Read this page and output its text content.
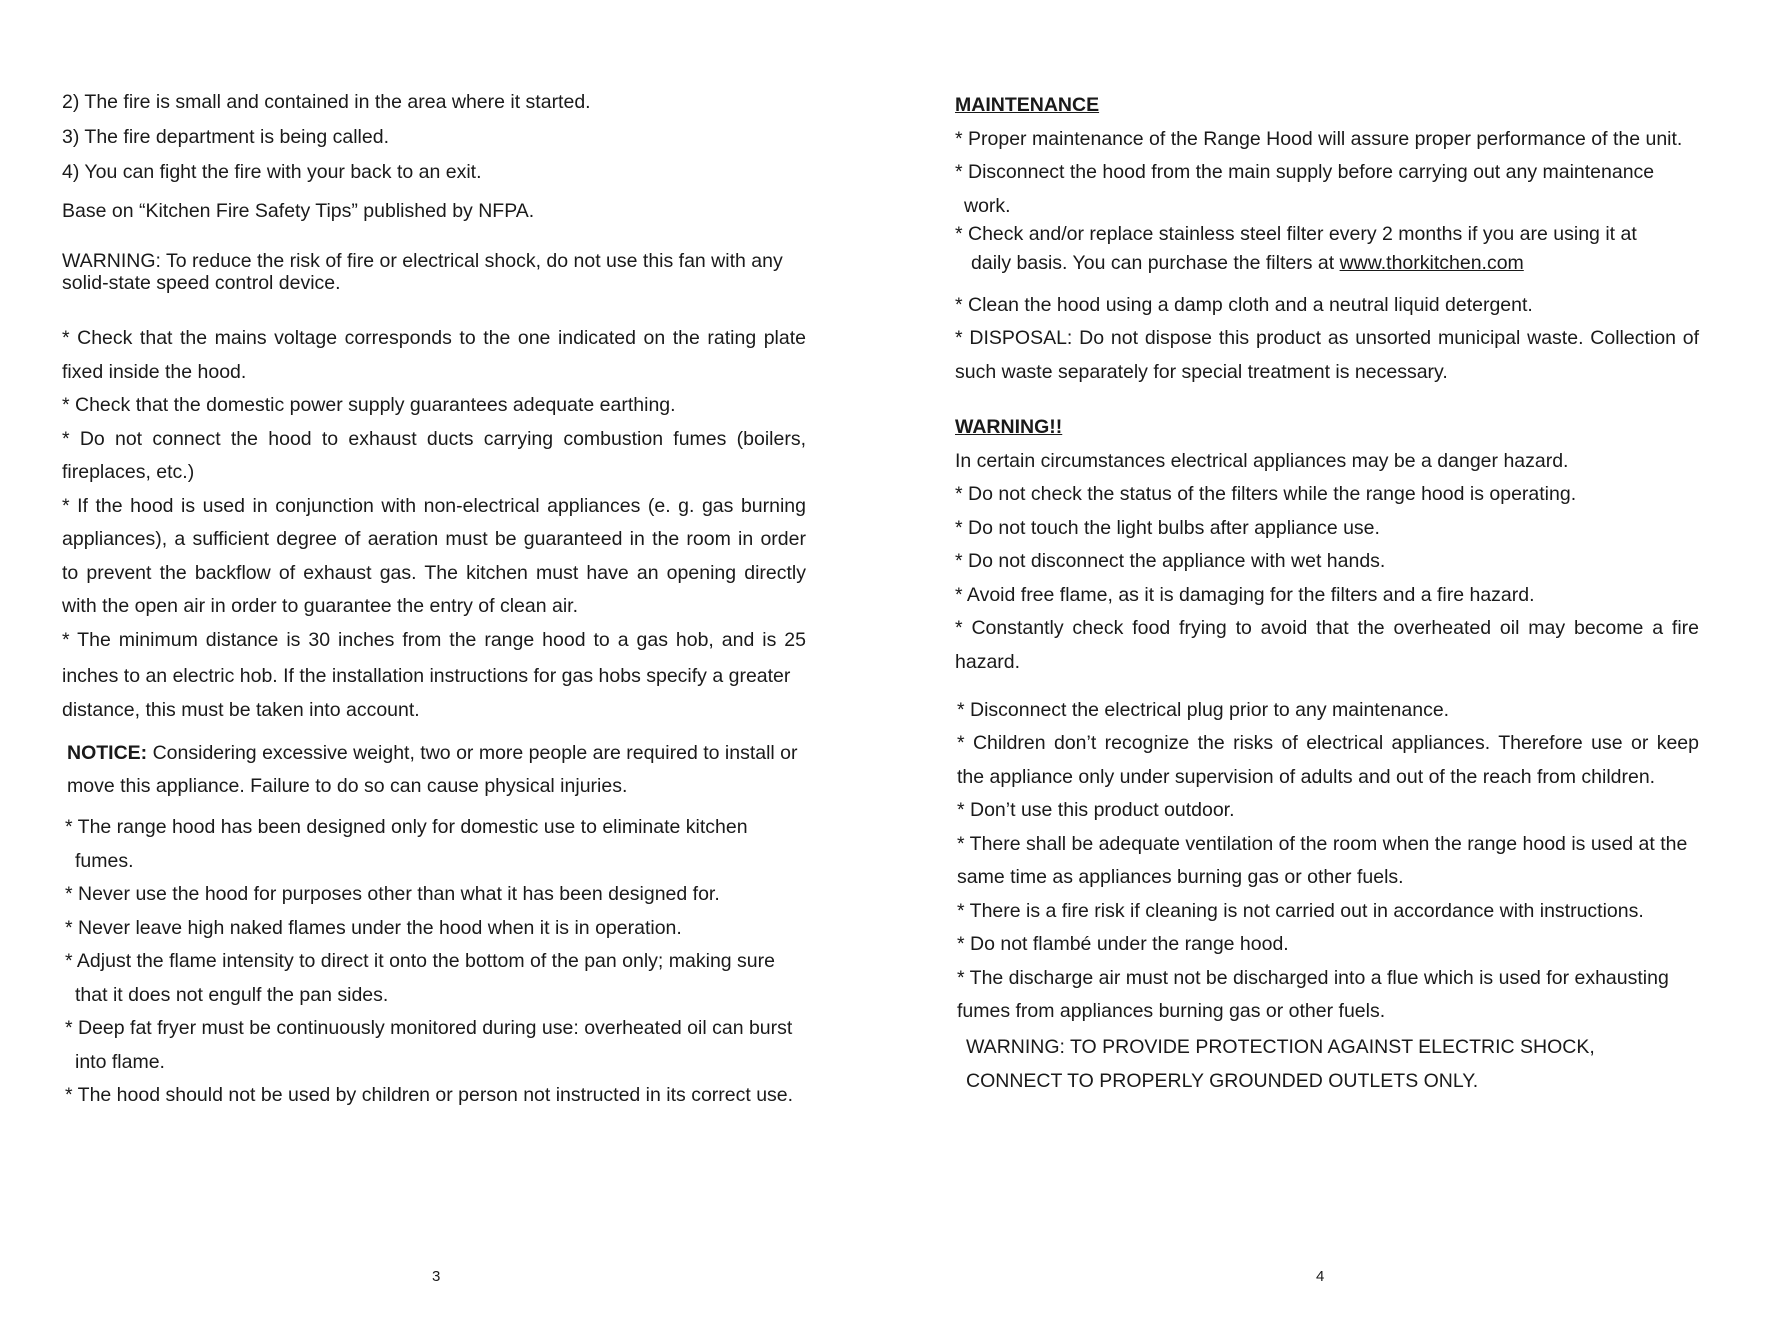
2) The fire is small and contained in the area where it started.
3) The fire department is being called.
4) You can fight the fire with your back to an exit.
Base on “Kitchen Fire Safety Tips” published by NFPA.
WARNING: To reduce the risk of fire or electrical shock, do not use this fan with any
solid-state speed control device.
* Check that the mains voltage corresponds to the one indicated on the rating plate
fixed inside the hood.
* Check that the domestic power supply guarantees adequate earthing.
* Do not connect the hood to exhaust ducts carrying combustion fumes (boilers,
fireplaces, etc.)
* If the hood is used in conjunction with non-electrical appliances (e. g. gas burning
appliances), a sufficient degree of aeration must be guaranteed in the room in order
to prevent the backflow of exhaust gas. The kitchen must have an opening directly
with the open air in order to guarantee the entry of clean air.
* The minimum distance is 30 inches from the range hood to a gas hob, and is 25
inches to an electric hob. If the installation instructions for gas hobs specify a greater
distance, this must be taken into account.
NOTICE: Considering excessive weight, two or more people are required to install or
move this appliance. Failure to do so can cause physical injuries.
* The range hood has been designed only for domestic use to eliminate kitchen
fumes.
* Never use the hood for purposes other than what it has been designed for.
* Never leave high naked flames under the hood when it is in operation.
* Adjust the flame intensity to direct it onto the bottom of the pan only; making sure
that it does not engulf the pan sides.
* Deep fat fryer must be continuously monitored during use: overheated oil can burst
into flame.
* The hood should not be used by children or person not instructed in its correct use.
3
MAINTENANCE
* Proper maintenance of the Range Hood will assure proper performance of the unit.
* Disconnect the hood from the main supply before carrying out any maintenance
work.
* Check and/or replace stainless steel filter every 2 months if you are using it at
daily basis. You can purchase the filters at www.thorkitchen.com
* Clean the hood using a damp cloth and a neutral liquid detergent.
* DISPOSAL: Do not dispose this product as unsorted municipal waste. Collection of
such waste separately for special treatment is necessary.
WARNING!!
In certain circumstances electrical appliances may be a danger hazard.
* Do not check the status of the filters while the range hood is operating.
* Do not touch the light bulbs after appliance use.
* Do not disconnect the appliance with wet hands.
* Avoid free flame, as it is damaging for the filters and a fire hazard.
* Constantly check food frying to avoid that the overheated oil may become a fire
hazard.
* Disconnect the electrical plug prior to any maintenance.
* Children don’t recognize the risks of electrical appliances. Therefore use or keep
the appliance only under supervision of adults and out of the reach from children.
* Don’t use this product outdoor.
* There shall be adequate ventilation of the room when the range hood is used at the
same time as appliances burning gas or other fuels.
* There is a fire risk if cleaning is not carried out in accordance with instructions.
* Do not flambé under the range hood.
* The discharge air must not be discharged into a flue which is used for exhausting
fumes from appliances burning gas or other fuels.
WARNING: TO PROVIDE PROTECTION AGAINST ELECTRIC SHOCK,
CONNECT TO PROPERLY GROUNDED OUTLETS ONLY.
4
